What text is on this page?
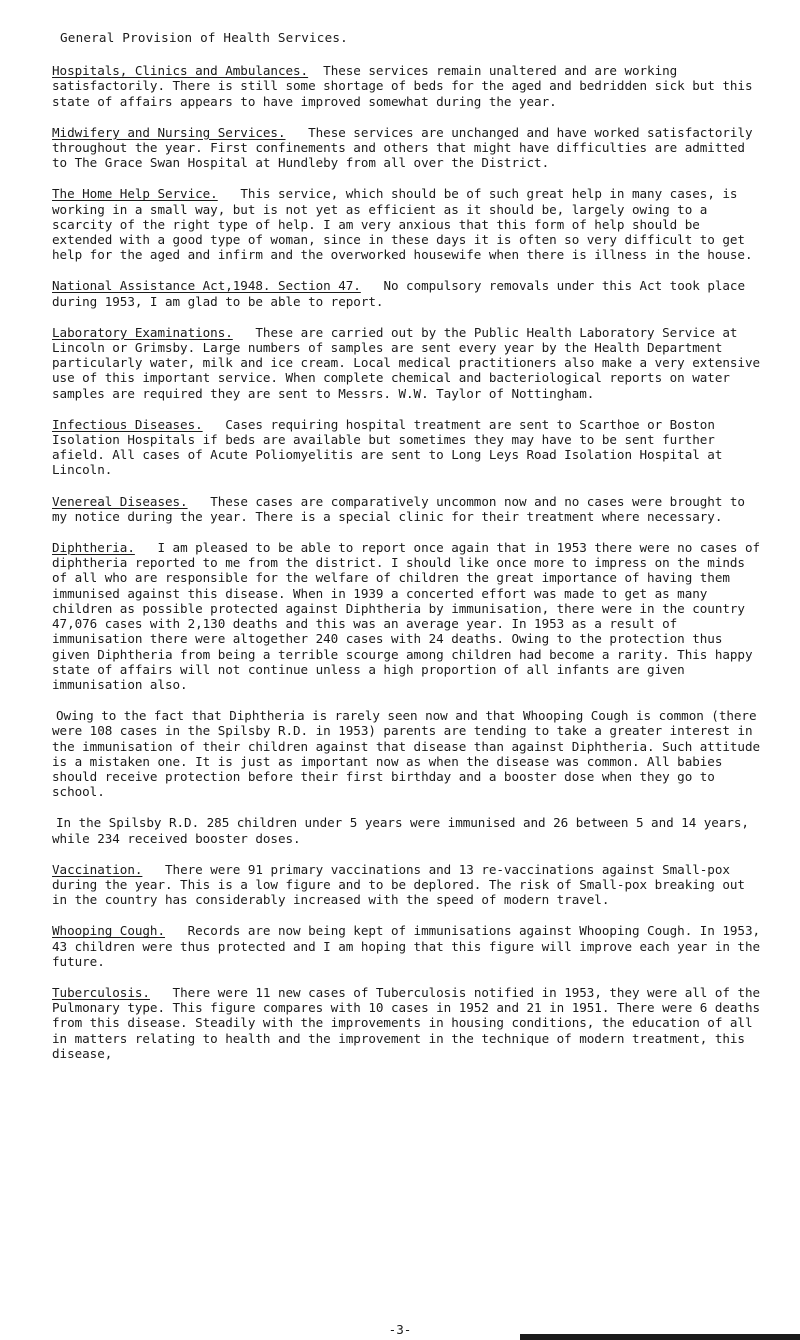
General Provision of Health Services.
Hospitals, Clinics and Ambulances. These services remain unaltered and are working satisfactorily. There is still some shortage of beds for the aged and bedridden sick but this state of affairs appears to have improved somewhat during the year.
Midwifery and Nursing Services. These services are unchanged and have worked satisfactorily throughout the year. First confinements and others that might have difficulties are admitted to The Grace Swan Hospital at Hundleby from all over the District.
The Home Help Service. This service, which should be of such great help in many cases, is working in a small way, but is not yet as efficient as it should be, largely owing to a scarcity of the right type of help. I am very anxious that this form of help should be extended with a good type of woman, since in these days it is often so very difficult to get help for the aged and infirm and the overworked housewife when there is illness in the house.
National Assistance Act,1948. Section 47. No compulsory removals under this Act took place during 1953, I am glad to be able to report.
Laboratory Examinations. These are carried out by the Public Health Laboratory Service at Lincoln or Grimsby. Large numbers of samples are sent every year by the Health Department particularly water, milk and ice cream. Local medical practitioners also make a very extensive use of this important service. When complete chemical and bacteriological reports on water samples are required they are sent to Messrs. W.W. Taylor of Nottingham.
Infectious Diseases. Cases requiring hospital treatment are sent to Scarthoe or Boston Isolation Hospitals if beds are available but sometimes they may have to be sent further afield. All cases of Acute Poliomyelitis are sent to Long Leys Road Isolation Hospital at Lincoln.
Venereal Diseases. These cases are comparatively uncommon now and no cases were brought to my notice during the year. There is a special clinic for their treatment where necessary.
Diphtheria. I am pleased to be able to report once again that in 1953 there were no cases of diphtheria reported to me from the district. I should like once more to impress on the minds of all who are responsible for the welfare of children the great importance of having them immunised against this disease. When in 1939 a concerted effort was made to get as many children as possible protected against Diphtheria by immunisation, there were in the country 47,076 cases with 2,130 deaths and this was an average year. In 1953 as a result of immunisation there were altogether 240 cases with 24 deaths. Owing to the protection thus given Diphtheria from being a terrible scourge among children had become a rarity. This happy state of affairs will not continue unless a high proportion of all infants are given immunisation also.
Owing to the fact that Diphtheria is rarely seen now and that Whooping Cough is common (there were 108 cases in the Spilsby R.D. in 1953) parents are tending to take a greater interest in the immunisation of their children against that disease than against Diphtheria. Such attitude is a mistaken one. It is just as important now as when the disease was common. All babies should receive protection before their first birthday and a booster dose when they go to school.
In the Spilsby R.D. 285 children under 5 years were immunised and 26 between 5 and 14 years, while 234 received booster doses.
Vaccination. There were 91 primary vaccinations and 13 re-vaccinations against Small-pox during the year. This is a low figure and to be deplored. The risk of Small-pox breaking out in the country has considerably increased with the speed of modern travel.
Whooping Cough. Records are now being kept of immunisations against Whooping Cough. In 1953, 43 children were thus protected and I am hoping that this figure will improve each year in the future.
Tuberculosis. There were 11 new cases of Tuberculosis notified in 1953, they were all of the Pulmonary type. This figure compares with 10 cases in 1952 and 21 in 1951. There were 6 deaths from this disease. Steadily with the improvements in housing conditions, the education of all in matters relating to health and the improvement in the technique of modern treatment, this disease,
-3-
